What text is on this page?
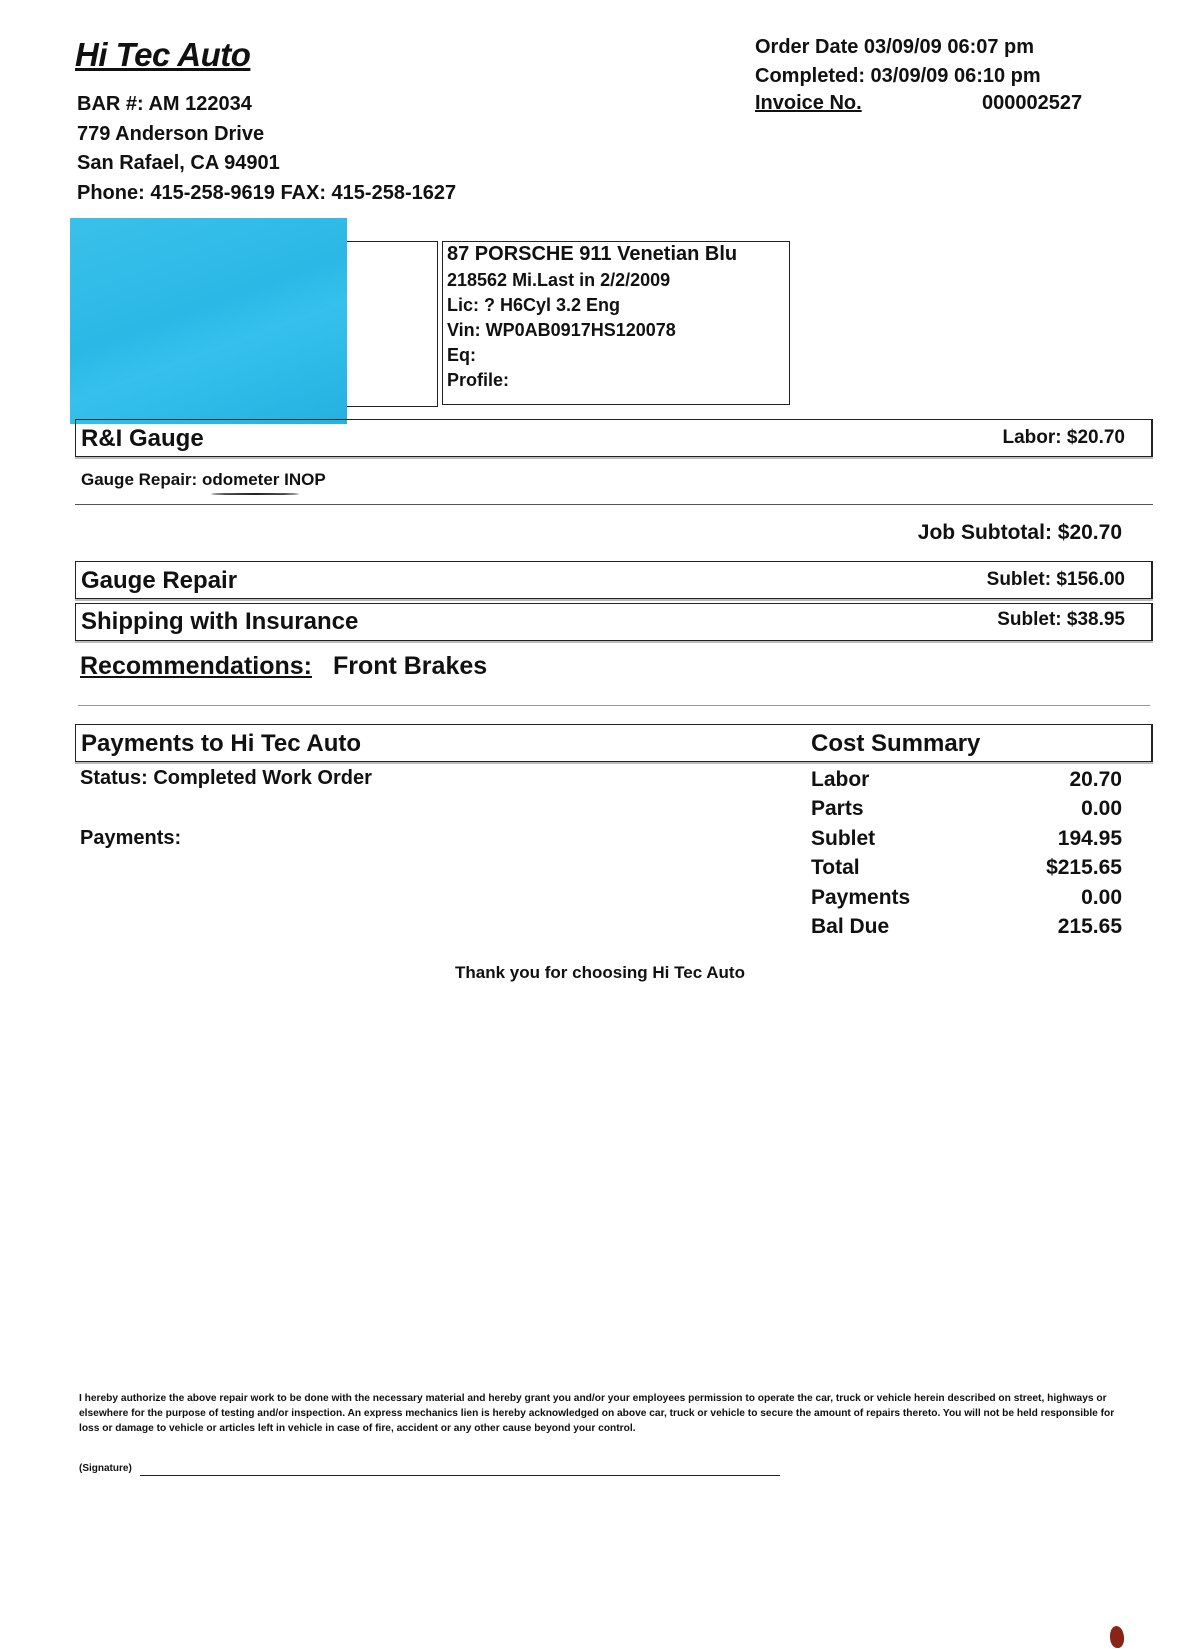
Hi Tec Auto
BAR #: AM 122034
779 Anderson Drive
San Rafael, CA 94901
Phone: 415-258-9619 FAX: 415-258-1627
Order Date 03/09/09 06:07 pm
Completed: 03/09/09 06:10 pm
Invoice No.	000002527
87 PORSCHE 911 Venetian Blu
218562 Mi.Last in 2/2/2009
Lic: ? H6Cyl 3.2 Eng
Vin: WP0AB0917HS120078
Eq:
Profile:
R&I Gauge	Labor: $20.70
Gauge Repair: odometer INOP
Job Subtotal: $20.70
Gauge Repair	Sublet: $156.00
Shipping with Insurance	Sublet: $38.95
Recommendations: Front Brakes
Payments to Hi Tec Auto	Cost Summary
Status: Completed Work Order
Payments:
Labor	20.70
Parts	0.00
Sublet	194.95
Total	$215.65
Payments	0.00
Bal Due	215.65
Thank you for choosing Hi Tec Auto
I hereby authorize the above repair work to be done with the necessary material and hereby grant you and/or your employees permission to operate the car, truck or vehicle herein described on street, highways or elsewhere for the purpose of testing and/or inspection. An express mechanics lien is hereby acknowledged on above car, truck or vehicle to secure the amount of repairs thereto. You will not be held responsible for loss or damage to vehicle or articles left in vehicle in case of fire, accident or any other cause beyond your control.
(Signature)
